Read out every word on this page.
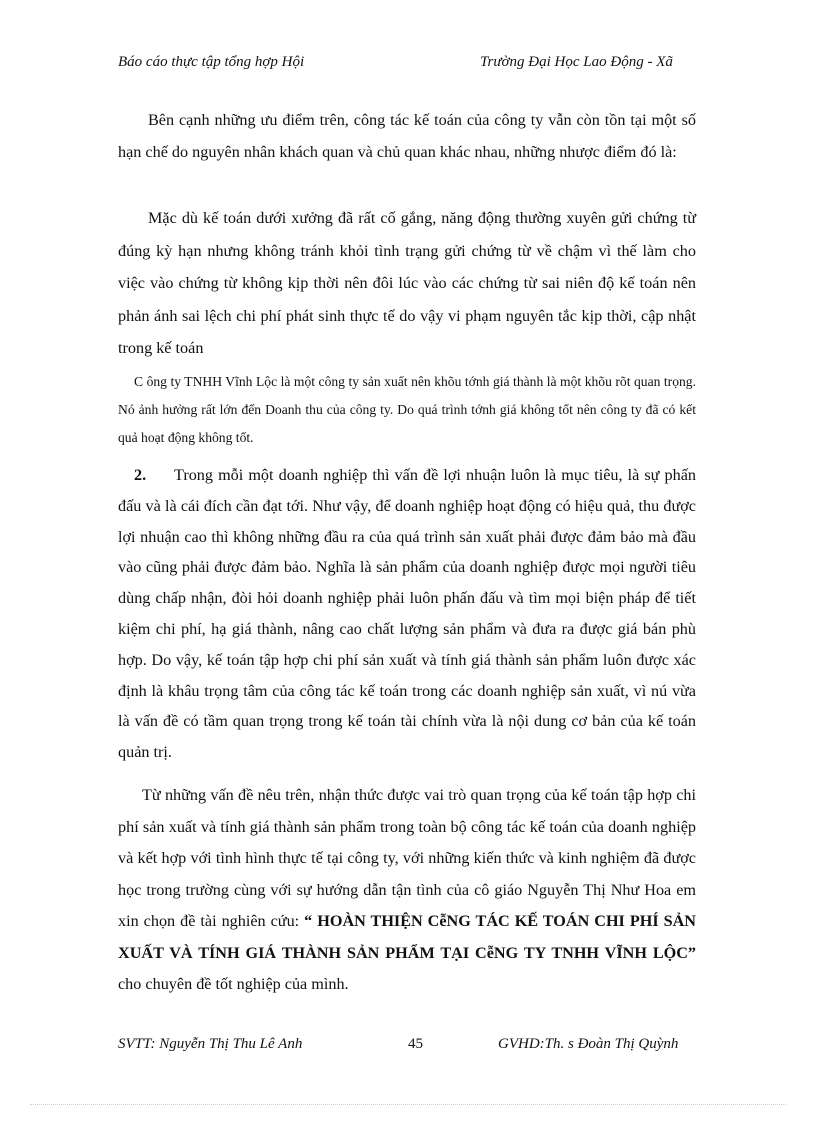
Báo cáo thực tập tổng hợp Hội	Trường Đại Học Lao Động - Xã
Bên cạnh những ưu điểm trên, công tác kế toán của công ty vẫn còn tồn tại một số hạn chế do nguyên nhân khách quan và chủ quan khác nhau, những nhược điểm đó là:
Mặc dù kế toán dưới xưởng đã rất cố gắng, năng động thường xuyên gửi chứng từ đúng kỳ hạn nhưng không tránh khỏi tình trạng gửi chứng từ về chậm vì thế làm cho việc vào chứng từ không kịp thời nên đôi lúc vào các chứng từ sai niên độ kế toán nên phản ánh sai lệch chi phí phát sinh thực tế do vậy vi phạm nguyên tắc kịp thời, cập nhật trong kế toán
C ông ty TNHH Vĩnh Lộc là một công ty sản xuất nên khõu tớnh giá thành là một khõu rõt quan trọng. Nó ảnh hưởng rất lớn đến Doanh thu của công ty. Do quá trình tớnh giá không tốt nên công ty đã có kết quả hoạt động không tốt.
2. Trong mỗi một doanh nghiệp thì vấn đề lợi nhuận luôn là mục tiêu, là sự phấn đấu và là cái đích cần đạt tới. Như vậy, để doanh nghiệp hoạt động có hiệu quả, thu được lợi nhuận cao thì không những đầu ra của quá trình sản xuất phải được đảm bảo mà đầu vào cũng phải được đảm bảo. Nghĩa là sản phẩm của doanh nghiệp được mọi người tiêu dùng chấp nhận, đòi hỏi doanh nghiệp phải luôn phấn đấu và tìm mọi biện pháp để tiết kiệm chi phí, hạ giá thành, nâng cao chất lượng sản phẩm và đưa ra được giá bán phù hợp. Do vậy, kế toán tập hợp chi phí sản xuất và tính giá thành sản phẩm luôn được xác định là khâu trọng tâm của công tác kế toán trong các doanh nghiệp sản xuất, vì nú vừa là vấn đề có tầm quan trọng trong kế toán tài chính vừa là nội dung cơ bản của kế toán quản trị.
Từ những vấn đề nêu trên, nhận thức được vai trò quan trọng của kế toán tập hợp chi phí sản xuất và tính giá thành sản phẩm trong toàn bộ công tác kế toán của doanh nghiệp và kết hợp với tình hình thực tế tại công ty, với những kiến thức và kinh nghiệm đã được học trong trường cùng với sự hướng dẫn tận tình của cô giáo Nguyễn Thị Như Hoa em xin chọn đề tài nghiên cứu: “ HOÀN THIỆN CễNG TÁC KẾ TOÁN CHI PHÍ SẢN XUẤT VÀ TÍNH GIÁ THÀNH SẢN PHẨM TẠI CễNG TY TNHH VĨNH LỘC” cho chuyên đề tốt nghiệp của mình.
SVTT: Nguyễn Thị Thu Lê Anh	45	GVHD:Th. s Đoàn Thị Quỳnh
